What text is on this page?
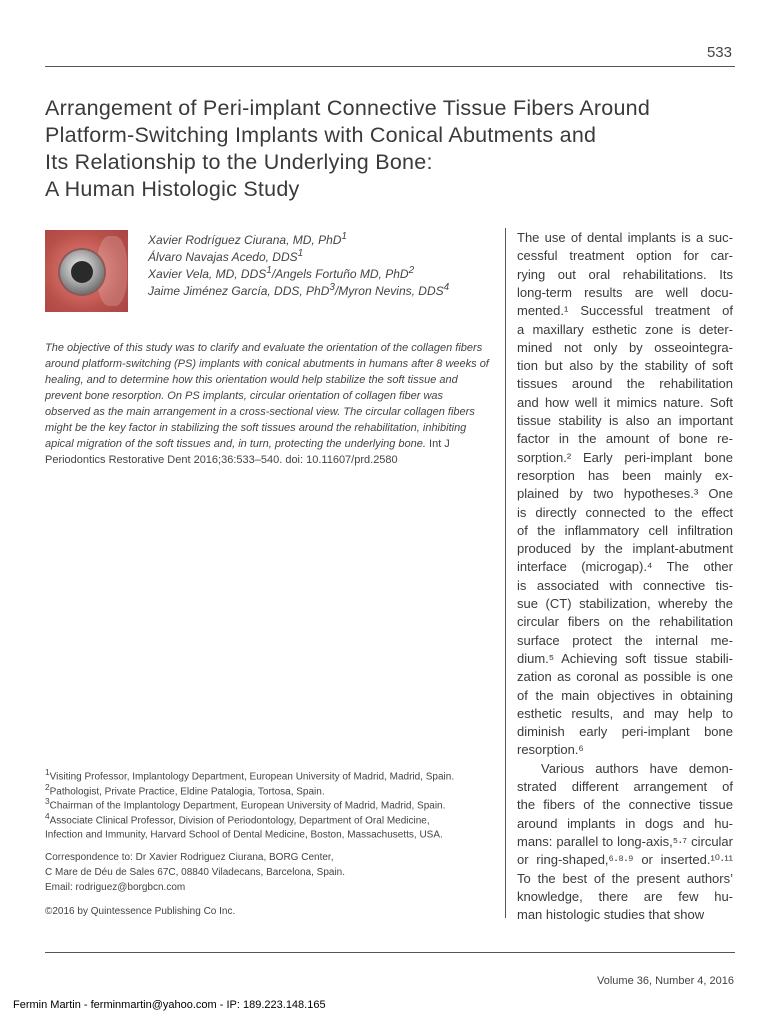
533
Arrangement of Peri-implant Connective Tissue Fibers Around
Platform-Switching Implants with Conical Abutments and
Its Relationship to the Underlying Bone:
A Human Histologic Study
Xavier Rodríguez Ciurana, MD, PhD$^1$
Álvaro Navajas Acedo, DDS$^1$
Xavier Vela, MD, DDS$^1$/Angels Fortuño MD, PhD$^2$
Jaime Jiménez García, DDS, PhD$^3$/Myron Nevins, DDS$^4$
The objective of this study was to clarify and evaluate the orientation of the collagen fibers around platform-switching (PS) implants with conical abutments in humans after 8 weeks of healing, and to determine how this orientation would help stabilize the soft tissue and prevent bone resorption. On PS implants, circular orientation of collagen fiber was observed as the main arrangement in a cross-sectional view. The circular collagen fibers might be the key factor in stabilizing the soft tissues around the rehabilitation, inhibiting apical migration of the soft tissues and, in turn, protecting the underlying bone. Int J Periodontics Restorative Dent 2016;36:533–540. doi: 10.11607/prd.2580
$^1$Visiting Professor, Implantology Department, European University of Madrid, Madrid, Spain.
$^2$Pathologist, Private Practice, Eldine Patalogia, Tortosa, Spain.
$^3$Chairman of the Implantology Department, European University of Madrid, Madrid, Spain.
$^4$Associate Clinical Professor, Division of Periodontology, Department of Oral Medicine,
Infection and Immunity, Harvard School of Dental Medicine, Boston, Massachusetts, USA.
Correspondence to: Dr Xavier Rodriguez Ciurana, BORG Center,
C Mare de Déu de Sales 67C, 08840 Viladecans, Barcelona, Spain.
Email: rodriguez@borgbcn.com
©2016 by Quintessence Publishing Co Inc.
The use of dental implants is a suc-
cessful treatment option for car-
rying out oral rehabilitations. Its
long-term results are well docu-
mented.¹ Successful treatment of
a maxillary esthetic zone is deter-
mined not only by osseointegra-
tion but also by the stability of soft
tissues around the rehabilitation
and how well it mimics nature. Soft
tissue stability is also an important
factor in the amount of bone re-
sorption.² Early peri-implant bone
resorption has been mainly ex-
plained by two hypotheses.³ One
is directly connected to the effect
of the inflammatory cell infiltration
produced by the implant-abutment
interface (microgap).⁴ The other
is associated with connective tis-
sue (CT) stabilization, whereby the
circular fibers on the rehabilitation
surface protect the internal me-
dium.⁵ Achieving soft tissue stabili-
zation as coronal as possible is one
of the main objectives in obtaining
esthetic results, and may help to
diminish early peri-implant bone
resorption.⁶
Various authors have demon-
strated different arrangement of
the fibers of the connective tissue
around implants in dogs and hu-
mans: parallel to long-axis,⁵·⁷ circular
or ring-shaped,⁶·⁸·⁹ or inserted.¹⁰·¹¹
To the best of the present authors’
knowledge, there are few hu-
man histologic studies that show
Volume 36, Number 4, 2016
Fermin Martin - ferminmartin@yahoo.com - IP: 189.223.148.165
